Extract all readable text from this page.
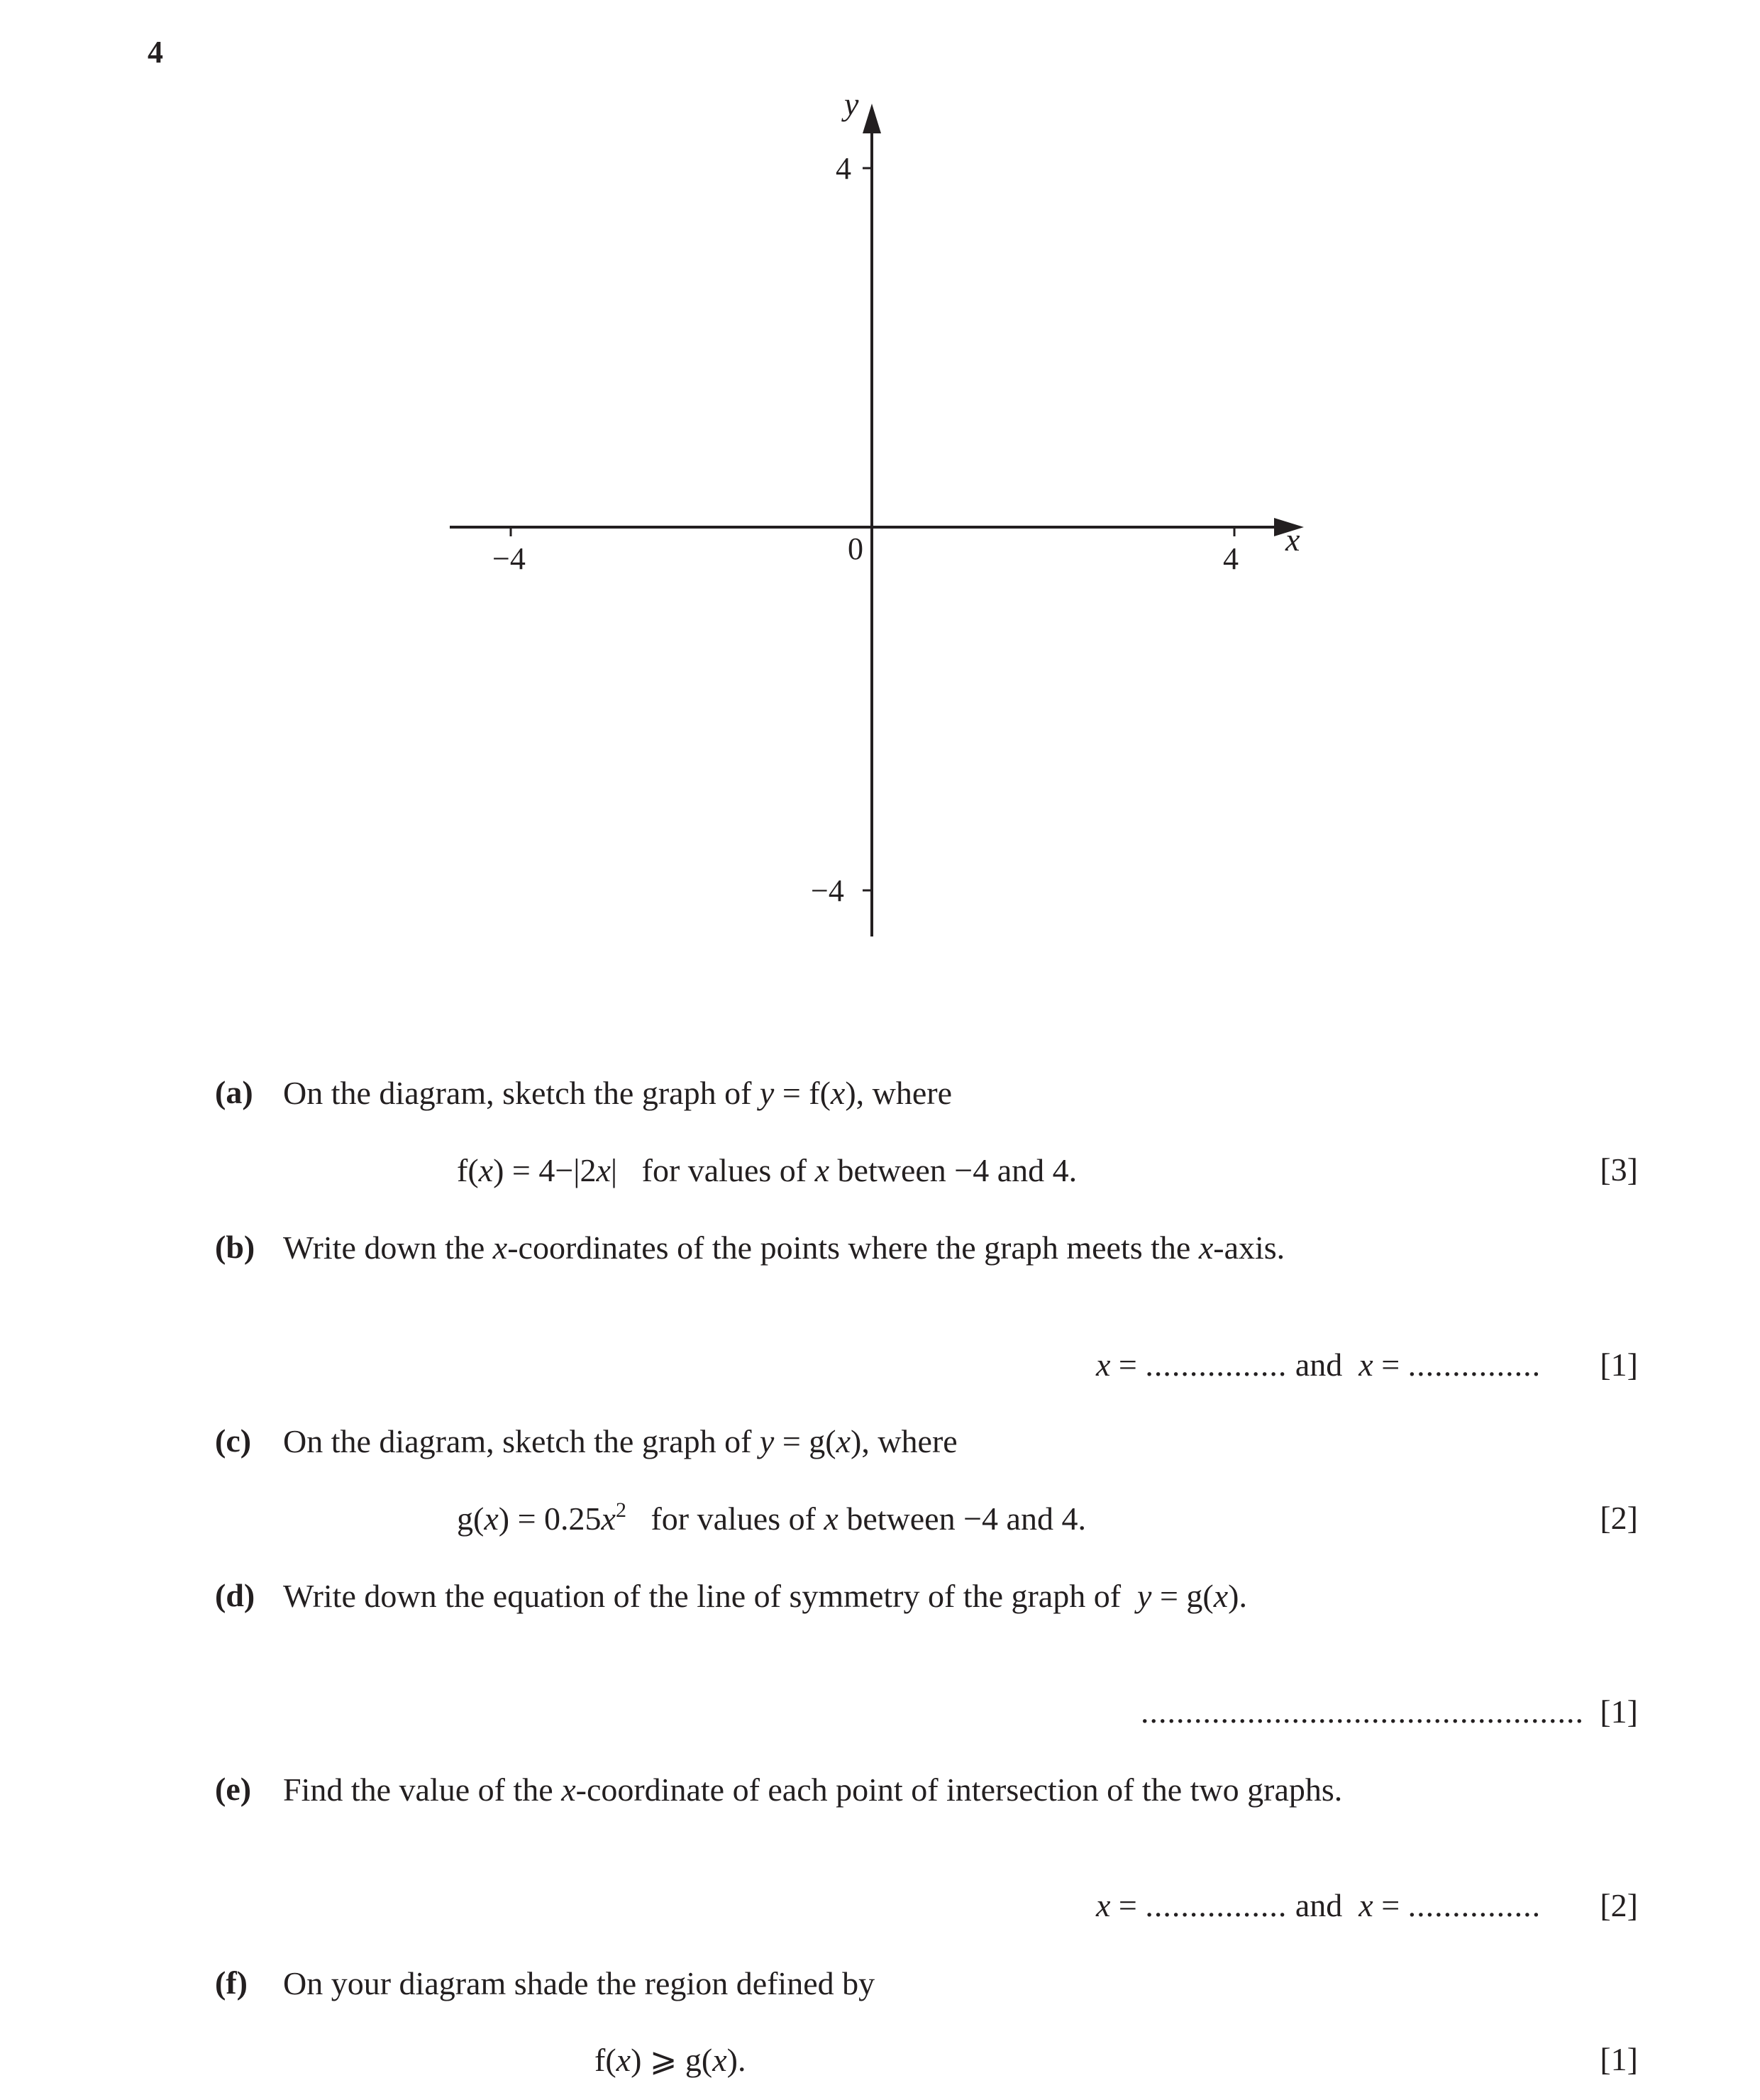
4
−4	4
4
−4
0	x
y
(a) On the diagram, sketch the graph of y = f(x), where
f(x) = 4−|2x| for values of x between −4 and 4.	[3]
(b) Write down the x-coordinates of the points where the graph meets the x-axis.
x = ................ and x = ............... [1]
(c) On the diagram, sketch the graph of y = g(x), where
$g(x) = 0.25x^2$ for values of x between −4 and 4.	[2]
(d) Write down the equation of the line of symmetry of the graph of y = g(x).
.................................................. [1]
(e) Find the value of the x-coordinate of each point of intersection of the two graphs.
x = ................ and x = ............... [2]
(f) On your diagram shade the region defined by
f(x) ⩾ g(x).	[1]
